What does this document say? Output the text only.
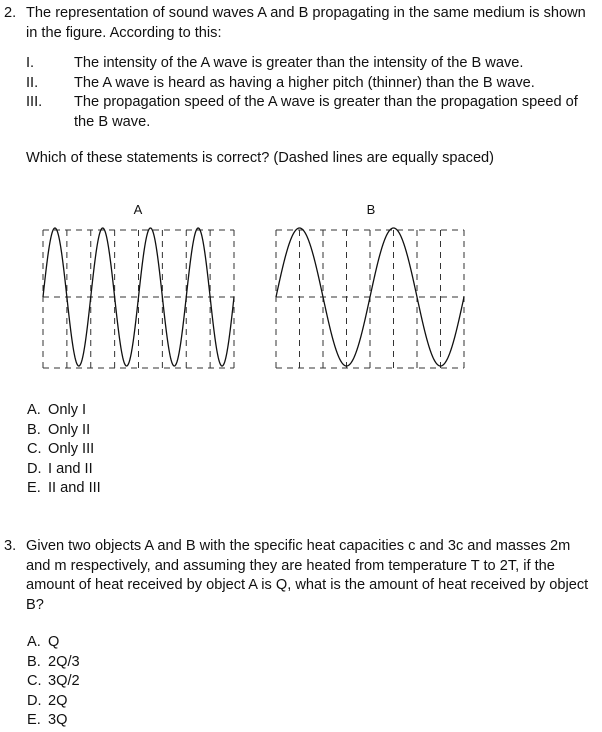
2. The representation of sound waves A and B propagating in the same medium is shown in the figure. According to this:
I.	The intensity of the A wave is greater than the intensity of the B wave.
II.	The A wave is heard as having a higher pitch (thinner) than the B wave.
III.	The propagation speed of the A wave is greater than the propagation speed of the B wave.
Which of these statements is correct? (Dashed lines are equally spaced)
A	B
A. Only I
B. Only II
C. Only III
D. I and II
E. II and III
3. Given two objects A and B with the specific heat capacities c and 3c and masses 2m and m respectively, and assuming they are heated from temperature T to 2T, if the amount of heat received by object A is Q, what is the amount of heat received by object B?
A. Q
B. 2Q/3
C. 3Q/2
D. 2Q
E. 3Q
